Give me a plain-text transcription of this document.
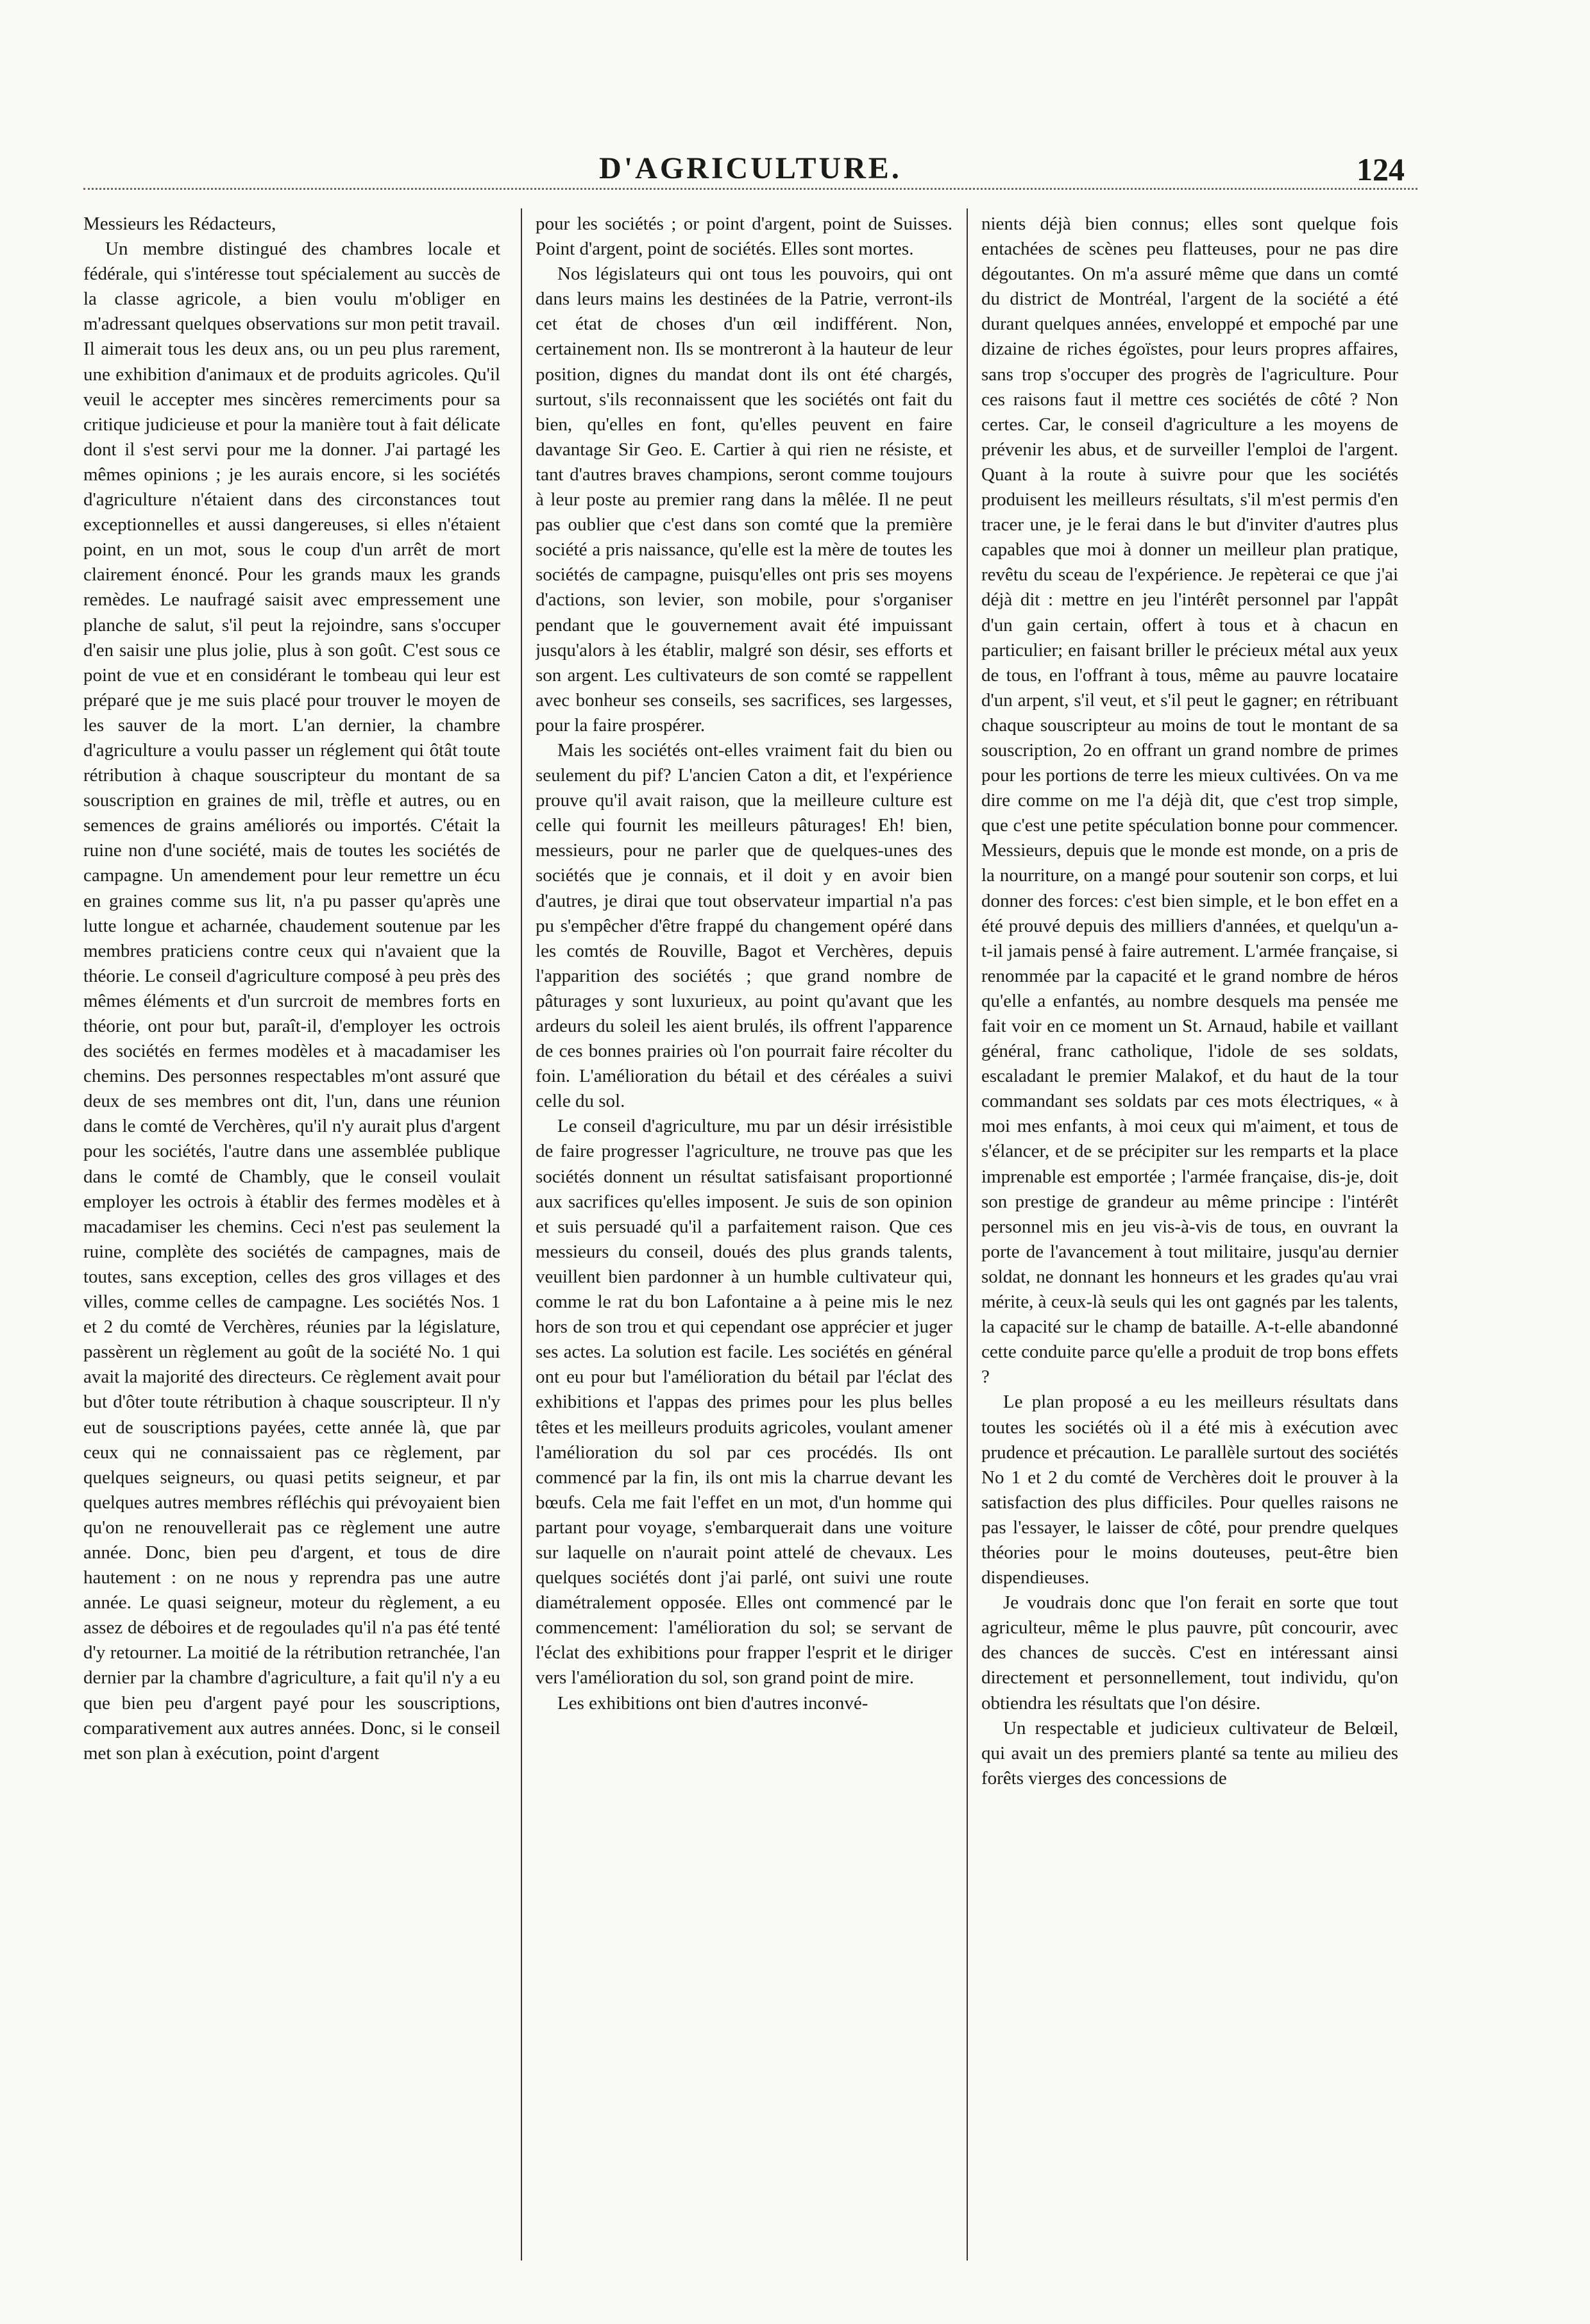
D'AGRICULTURE.	124

Messieurs les Rédacteurs,

Un membre distingué des chambres locale et fédérale, qui s'intéresse tout spécialement au succès de la classe agricole, a bien voulu m'obliger en m'adressant quelques observations sur mon petit travail. Il aimerait tous les deux ans, ou un peu plus rarement, une exhibition d'animaux et de produits agricoles. Qu'il veuil le accepter mes sincères remerciments pour sa critique judicieuse et pour la manière tout à fait délicate dont il s'est servi pour me la donner. J'ai partagé les mêmes opinions ; je les aurais encore, si les sociétés d'agriculture n'étaient dans des circonstances tout exceptionnelles et aussi dangereuses, si elles n'étaient point, en un mot, sous le coup d'un arrêt de mort clairement énoncé. Pour les grands maux les grands remèdes. Le naufragé saisit avec empressement une planche de salut, s'il peut la rejoindre, sans s'occuper d'en saisir une plus jolie, plus à son goût. C'est sous ce point de vue et en considérant le tombeau qui leur est préparé que je me suis placé pour trouver le moyen de les sauver de la mort. L'an dernier, la chambre d'agriculture a voulu passer un réglement qui ôtât toute rétribution à chaque souscripteur du montant de sa souscription en graines de mil, trèfle et autres, ou en semences de grains améliorés ou importés. C'était la ruine non d'une société, mais de toutes les sociétés de campagne. Un amendement pour leur remettre un écu en graines comme sus lit, n'a pu passer qu'après une lutte longue et acharnée, chaudement soutenue par les membres praticiens contre ceux qui n'avaient que la théorie. Le conseil d'agriculture composé à peu près des mêmes éléments et d'un surcroit de membres forts en théorie, ont pour but, paraît-il, d'employer les octrois des sociétés en fermes modèles et à macadamiser les chemins. Des personnes respectables m'ont assuré que deux de ses membres ont dit, l'un, dans une réunion dans le comté de Verchères, qu'il n'y aurait plus d'argent pour les sociétés, l'autre dans une assemblée publique dans le comté de Chambly, que le conseil voulait employer les octrois à établir des fermes modèles et à macadamiser les chemins. Ceci n'est pas seulement la ruine, complète des sociétés de campagnes, mais de toutes, sans exception, celles des gros villages et des villes, comme celles de campagne. Les sociétés Nos. 1 et 2 du comté de Verchères, réunies par la législature, passèrent un règlement au goût de la société No. 1 qui avait la majorité des directeurs. Ce règlement avait pour but d'ôter toute rétribution à chaque souscripteur. Il n'y eut de souscriptions payées, cette année là, que par ceux qui ne connaissaient pas ce règlement, par quelques seigneurs, ou quasi petits seigneur, et par quelques autres membres réfléchis qui prévoyaient bien qu'on ne renouvellerait pas ce règlement une autre année. Donc, bien peu d'argent, et tous de dire hautement : on ne nous y reprendra pas une autre année. Le quasi seigneur, moteur du règlement, a eu assez de déboires et de regoulades qu'il n'a pas été tenté d'y retourner. La moitié de la rétribution retranchée, l'an dernier par la chambre d'agriculture, a fait qu'il n'y a eu que bien peu d'argent payé pour les souscriptions, comparativement aux autres années. Donc, si le conseil met son plan à exécution, point d'argent

pour les sociétés ; or point d'argent, point de Suisses. Point d'argent, point de sociétés. Elles sont mortes.

Nos législateurs qui ont tous les pouvoirs, qui ont dans leurs mains les destinées de la Patrie, verront-ils cet état de choses d'un œil indifférent. Non, certainement non. Ils se montreront à la hauteur de leur position, dignes du mandat dont ils ont été chargés, surtout, s'ils reconnaissent que les sociétés ont fait du bien, qu'elles en font, qu'elles peuvent en faire davantage Sir Geo. E. Cartier à qui rien ne résiste, et tant d'autres braves champions, seront comme toujours à leur poste au premier rang dans la mêlée. Il ne peut pas oublier que c'est dans son comté que la première société a pris naissance, qu'elle est la mère de toutes les sociétés de campagne, puisqu'elles ont pris ses moyens d'actions, son levier, son mobile, pour s'organiser pendant que le gouvernement avait été impuissant jusqu'alors à les établir, malgré son désir, ses efforts et son argent. Les cultivateurs de son comté se rappellent avec bonheur ses conseils, ses sacrifices, ses largesses, pour la faire prospérer.

Mais les sociétés ont-elles vraiment fait du bien ou seulement du pif? L'ancien Caton a dit, et l'expérience prouve qu'il avait raison, que la meilleure culture est celle qui fournit les meilleurs pâturages! Eh! bien, messieurs, pour ne parler que de quelques-unes des sociétés que je connais, et il doit y en avoir bien d'autres, je dirai que tout observateur impartial n'a pas pu s'empêcher d'être frappé du changement opéré dans les comtés de Rouville, Bagot et Verchères, depuis l'apparition des sociétés ; que grand nombre de pâturages y sont luxurieux, au point qu'avant que les ardeurs du soleil les aient brulés, ils offrent l'apparence de ces bonnes prairies où l'on pourrait faire récolter du foin. L'amélioration du bétail et des céréales a suivi celle du sol.

Le conseil d'agriculture, mu par un désir irrésistible de faire progresser l'agriculture, ne trouve pas que les sociétés donnent un résultat satisfaisant proportionné aux sacrifices qu'elles imposent. Je suis de son opinion et suis persuadé qu'il a parfaitement raison. Que ces messieurs du conseil, doués des plus grands talents, veuillent bien pardonner à un humble cultivateur qui, comme le rat du bon Lafontaine a à peine mis le nez hors de son trou et qui cependant ose apprécier et juger ses actes. La solution est facile. Les sociétés en général ont eu pour but l'amélioration du bétail par l'éclat des exhibitions et l'appas des primes pour les plus belles têtes et les meilleurs produits agricoles, voulant amener l'amélioration du sol par ces procédés. Ils ont commencé par la fin, ils ont mis la charrue devant les bœufs. Cela me fait l'effet en un mot, d'un homme qui partant pour voyage, s'embarquerait dans une voiture sur laquelle on n'aurait point attelé de chevaux. Les quelques sociétés dont j'ai parlé, ont suivi une route diamétralement opposée. Elles ont commencé par le commencement: l'amélioration du sol; se servant de l'éclat des exhibitions pour frapper l'esprit et le diriger vers l'amélioration du sol, son grand point de mire.

Les exhibitions ont bien d'autres inconvé-

nients déjà bien connus; elles sont quelque fois entachées de scènes peu flatteuses, pour ne pas dire dégoutantes. On m'a assuré même que dans un comté du district de Montréal, l'argent de la société a été durant quelques années, enveloppé et empoché par une dizaine de riches égoïstes, pour leurs propres affaires, sans trop s'occuper des progrès de l'agriculture. Pour ces raisons faut il mettre ces sociétés de côté ? Non certes. Car, le conseil d'agriculture a les moyens de prévenir les abus, et de surveiller l'emploi de l'argent. Quant à la route à suivre pour que les sociétés produisent les meilleurs résultats, s'il m'est permis d'en tracer une, je le ferai dans le but d'inviter d'autres plus capables que moi à donner un meilleur plan pratique, revêtu du sceau de l'expérience. Je repèterai ce que j'ai déjà dit : mettre en jeu l'intérêt personnel par l'appât d'un gain certain, offert à tous et à chacun en particulier; en faisant briller le précieux métal aux yeux de tous, en l'offrant à tous, même au pauvre locataire d'un arpent, s'il veut, et s'il peut le gagner; en rétribuant chaque souscripteur au moins de tout le montant de sa souscription, 2o en offrant un grand nombre de primes pour les portions de terre les mieux cultivées. On va me dire comme on me l'a déjà dit, que c'est trop simple, que c'est une petite spéculation bonne pour commencer. Messieurs, depuis que le monde est monde, on a pris de la nourriture, on a mangé pour soutenir son corps, et lui donner des forces: c'est bien simple, et le bon effet en a été prouvé depuis des milliers d'années, et quelqu'un a-t-il jamais pensé à faire autrement. L'armée française, si renommée par la capacité et le grand nombre de héros qu'elle a enfantés, au nombre desquels ma pensée me fait voir en ce moment un St. Arnaud, habile et vaillant général, franc catholique, l'idole de ses soldats, escaladant le premier Malakof, et du haut de la tour commandant ses soldats par ces mots électriques, « à moi mes enfants, à moi ceux qui m'aiment, et tous de s'élancer, et de se précipiter sur les remparts et la place imprenable est emportée ; l'armée française, dis-je, doit son prestige de grandeur au même principe : l'intérêt personnel mis en jeu vis-à-vis de tous, en ouvrant la porte de l'avancement à tout militaire, jusqu'au dernier soldat, ne donnant les honneurs et les grades qu'au vrai mérite, à ceux-là seuls qui les ont gagnés par les talents, la capacité sur le champ de bataille. A-t-elle abandonné cette conduite parce qu'elle a produit de trop bons effets ?

Le plan proposé a eu les meilleurs résultats dans toutes les sociétés où il a été mis à exécution avec prudence et précaution. Le parallèle surtout des sociétés No 1 et 2 du comté de Verchères doit le prouver à la satisfaction des plus difficiles. Pour quelles raisons ne pas l'essayer, le laisser de côté, pour prendre quelques théories pour le moins douteuses, peut-être bien dispendieuses.

Je voudrais donc que l'on ferait en sorte que tout agriculteur, même le plus pauvre, pût concourir, avec des chances de succès. C'est en intéressant ainsi directement et personnellement, tout individu, qu'on obtiendra les résultats que l'on désire.

Un respectable et judicieux cultivateur de Belœil, qui avait un des premiers planté sa tente au milieu des forêts vierges des concessions de
